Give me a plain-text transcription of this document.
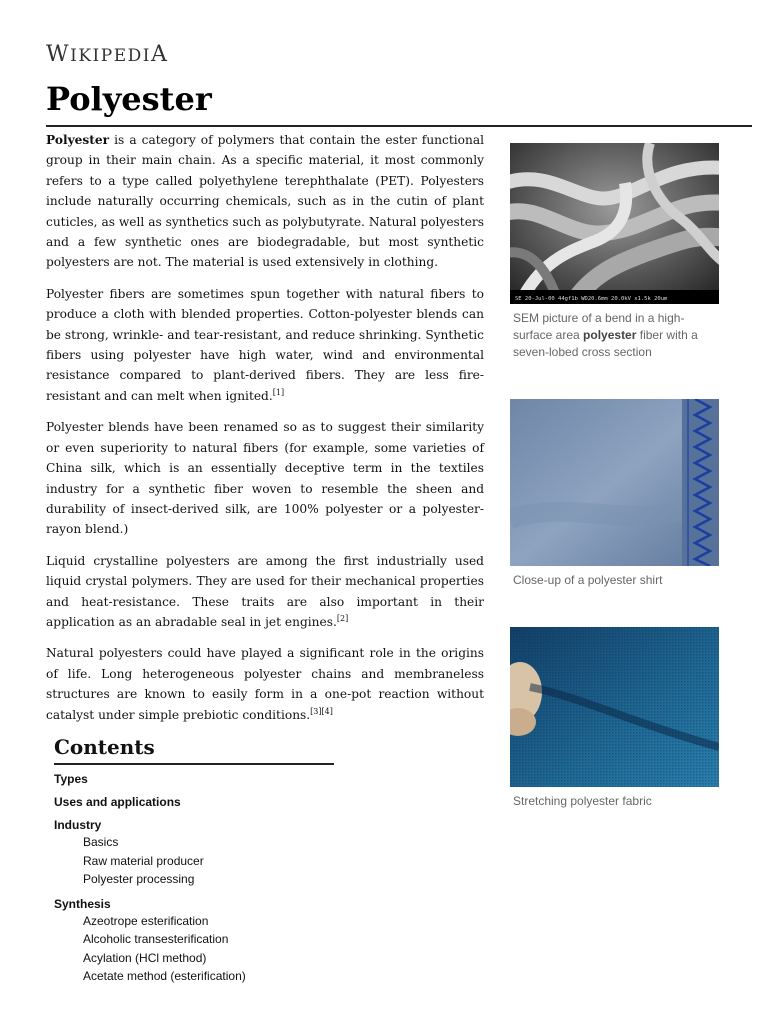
WIKIPEDIA
Polyester

Polyester is a category of polymers that contain the ester functional group in their main chain. As a specific material, it most commonly refers to a type called polyethylene terephthalate (PET). Polyesters include naturally occurring chemicals, such as in the cutin of plant cuticles, as well as synthetics such as polybutyrate. Natural polyesters and a few synthetic ones are biodegradable, but most synthetic polyesters are not. The material is used extensively in clothing.

Polyester fibers are sometimes spun together with natural fibers to produce a cloth with blended properties. Cotton-polyester blends can be strong, wrinkle- and tear-resistant, and reduce shrinking. Synthetic fibers using polyester have high water, wind and environmental resistance compared to plant-derived fibers. They are less fire-resistant and can melt when ignited.[1]

Polyester blends have been renamed so as to suggest their similarity or even superiority to natural fibers (for example, some varieties of China silk, which is an essentially deceptive term in the textiles industry for a synthetic fiber woven to resemble the sheen and durability of insect-derived silk, are 100% polyester or a polyester-rayon blend.)

Liquid crystalline polyesters are among the first industrially used liquid crystal polymers. They are used for their mechanical properties and heat-resistance. These traits are also important in their application as an abradable seal in jet engines.[2]

Natural polyesters could have played a significant role in the origins of life. Long heterogeneous polyester chains and membraneless structures are known to easily form in a one-pot reaction without catalyst under simple prebiotic conditions.[3][4]

SE 20-Jul-00 44gf1b WD20.6mm 20.0kV x1.5k 20um
SEM picture of a bend in a high-surface area polyester fiber with a seven-lobed cross section
Close-up of a polyester shirt
Stretching polyester fabric
Contents
Types
Uses and applications
Industry
Basics
Raw material producer
Polyester processing
Synthesis
Azeotrope esterification
Alcoholic transesterification
Acylation (HCl method)
Acetate method (esterification)
